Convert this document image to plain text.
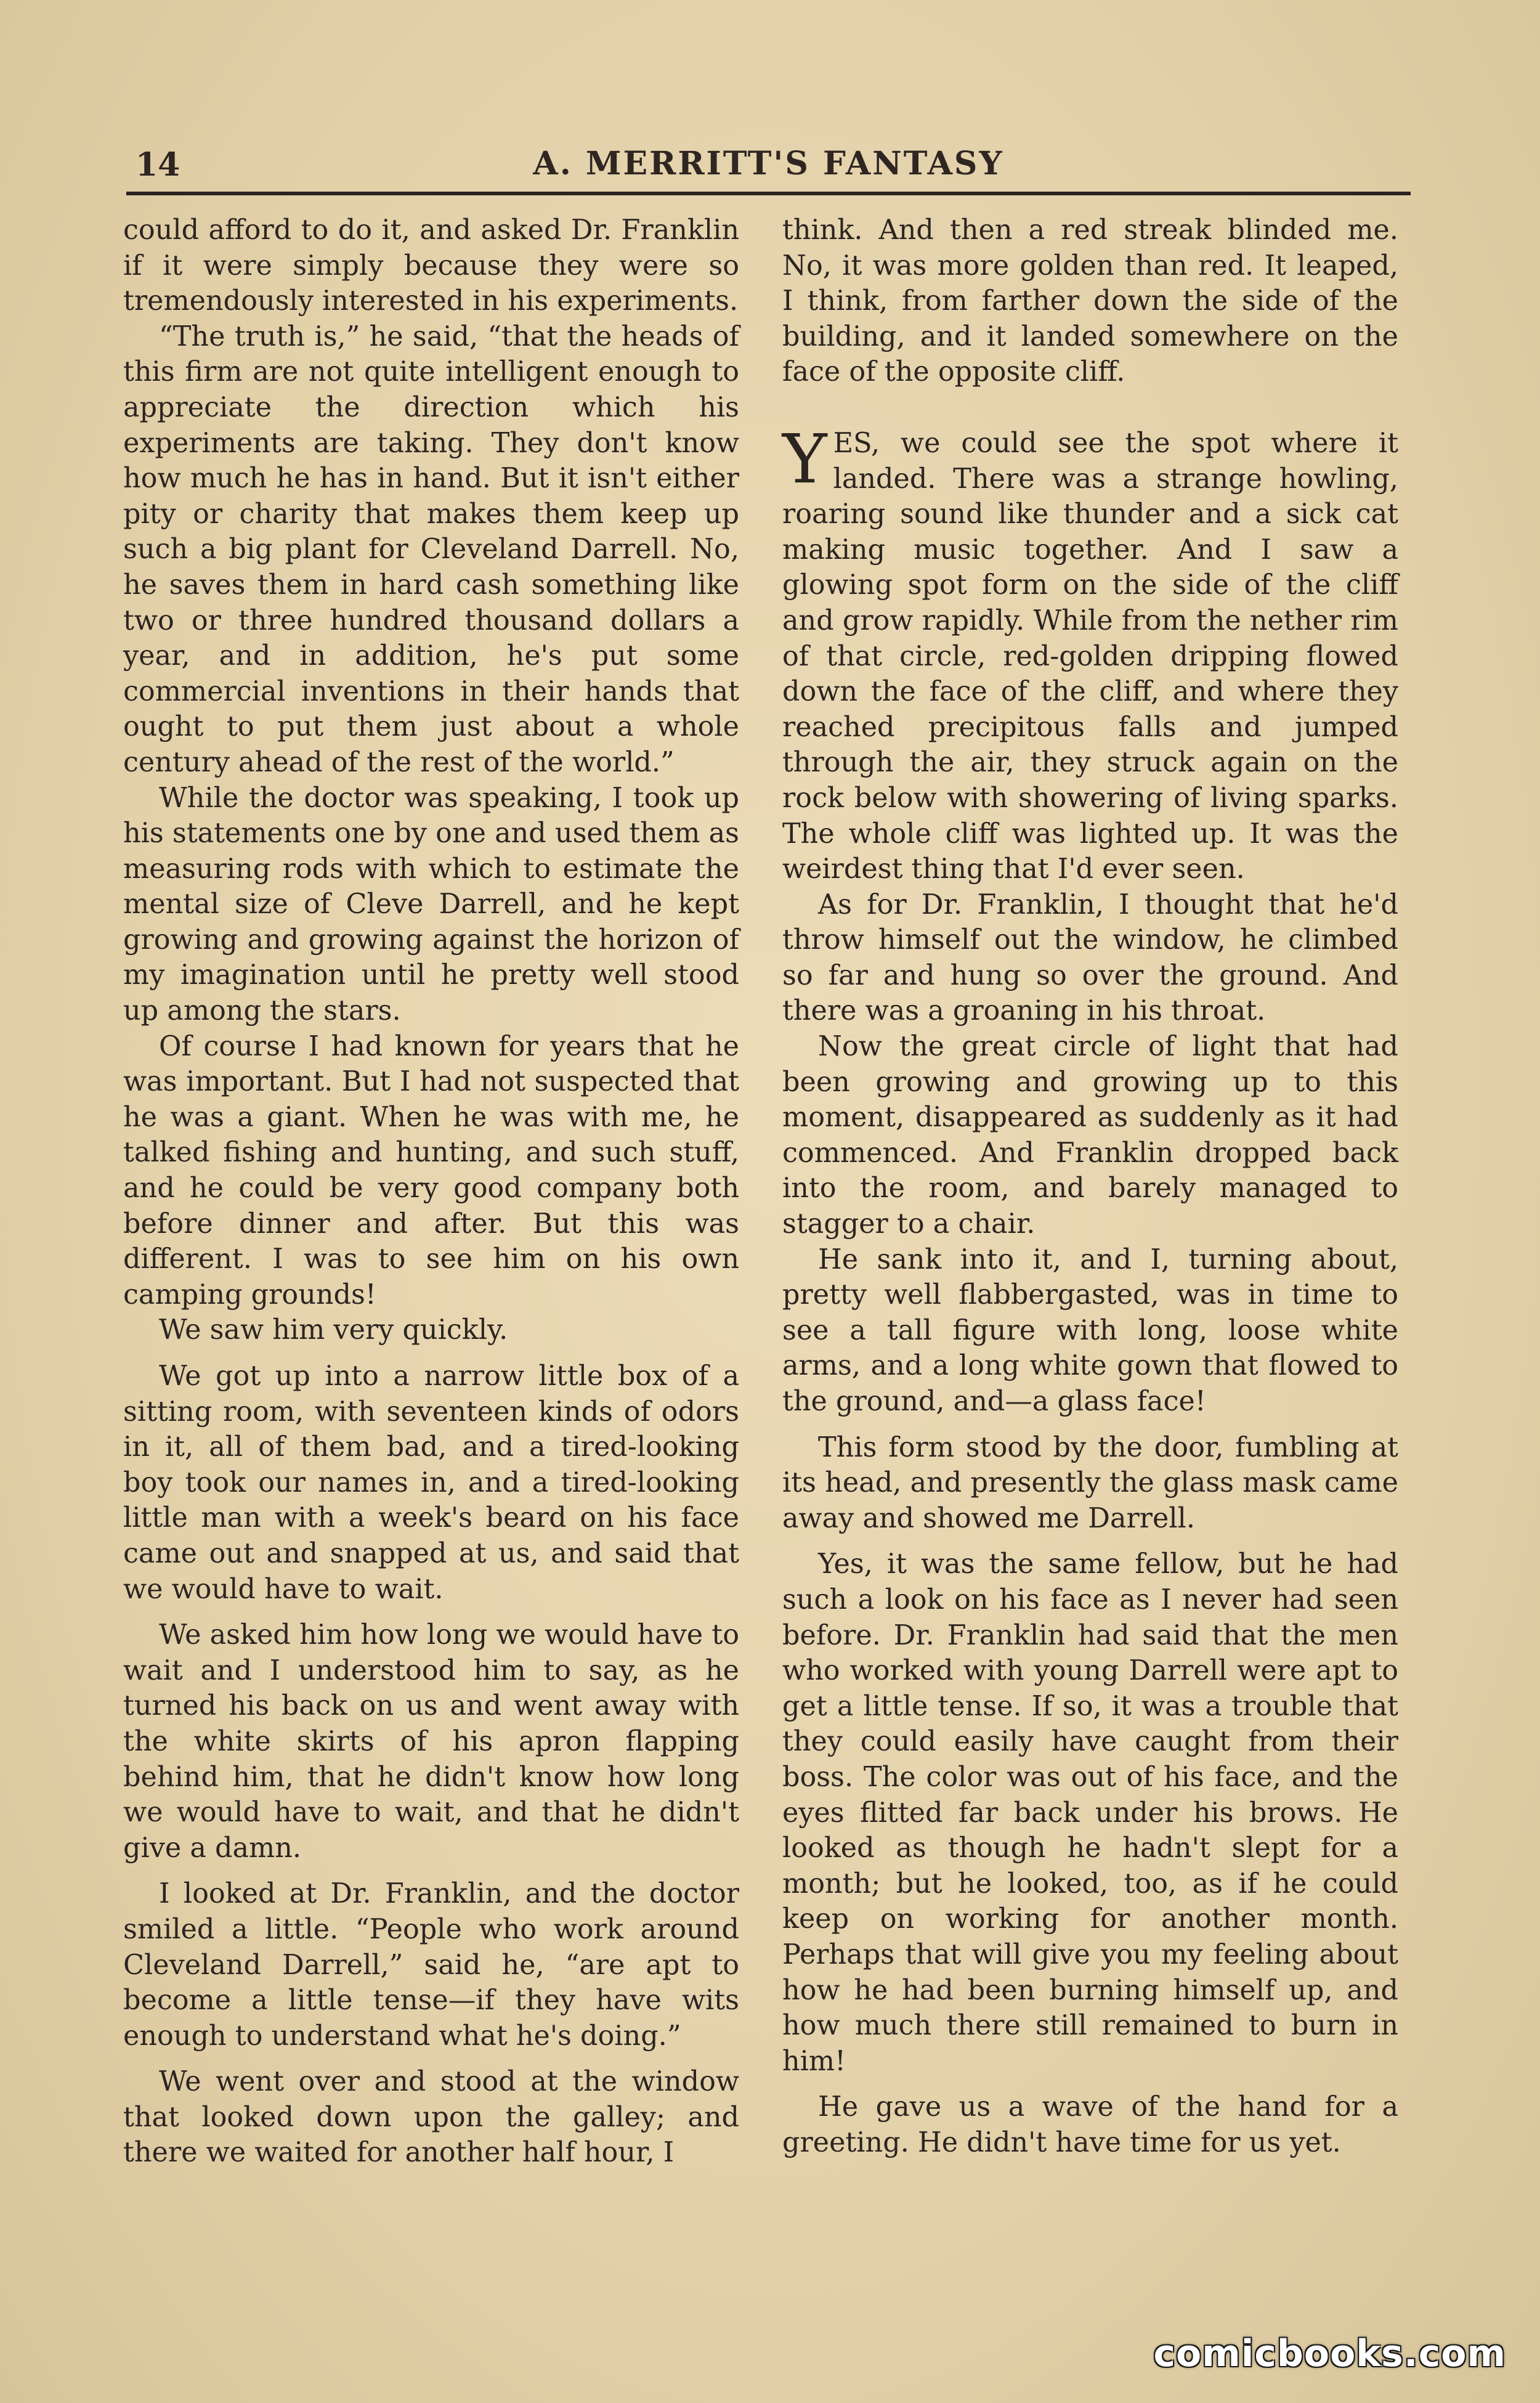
14	A. MERRITT'S FANTASY

could afford to do it, and asked Dr. Franklin if it were simply because they were so tremendously interested in his experiments.

“The truth is,” he said, “that the heads of this firm are not quite intelligent enough to appreciate the direction which his experiments are taking. They don't know how much he has in hand. But it isn't either pity or charity that makes them keep up such a big plant for Cleveland Darrell. No, he saves them in hard cash something like two or three hundred thousand dollars a year, and in addition, he's put some commercial inventions in their hands that ought to put them just about a whole century ahead of the rest of the world.”

While the doctor was speaking, I took up his statements one by one and used them as measuring rods with which to estimate the mental size of Cleve Darrell, and he kept growing and growing against the horizon of my imagination until he pretty well stood up among the stars.

Of course I had known for years that he was important. But I had not suspected that he was a giant. When he was with me, he talked fishing and hunting, and such stuff, and he could be very good company both before dinner and after. But this was different. I was to see him on his own camping grounds!

We saw him very quickly.

We got up into a narrow little box of a sitting room, with seventeen kinds of odors in it, all of them bad, and a tired-looking boy took our names in, and a tired-looking little man with a week's beard on his face came out and snapped at us, and said that we would have to wait.

We asked him how long we would have to wait and I understood him to say, as he turned his back on us and went away with the white skirts of his apron flapping behind him, that he didn't know how long we would have to wait, and that he didn't give a damn.

I looked at Dr. Franklin, and the doctor smiled a little. “People who work around Cleveland Darrell,” said he, “are apt to become a little tense—if they have wits enough to understand what he's doing.”

We went over and stood at the window that looked down upon the galley; and there we waited for another half hour, I

think. And then a red streak blinded me. No, it was more golden than red. It leaped, I think, from farther down the side of the building, and it landed somewhere on the face of the opposite cliff.

YES, we could see the spot where it landed. There was a strange howling, roaring sound like thunder and a sick cat making music together. And I saw a glowing spot form on the side of the cliff and grow rapidly. While from the nether rim of that circle, red-golden dripping flowed down the face of the cliff, and where they reached precipitous falls and jumped through the air, they struck again on the rock below with showering of living sparks. The whole cliff was lighted up. It was the weirdest thing that I'd ever seen.

As for Dr. Franklin, I thought that he'd throw himself out the window, he climbed so far and hung so over the ground. And there was a groaning in his throat.

Now the great circle of light that had been growing and growing up to this moment, disappeared as suddenly as it had commenced. And Franklin dropped back into the room, and barely managed to stagger to a chair.

He sank into it, and I, turning about, pretty well flabbergasted, was in time to see a tall figure with long, loose white arms, and a long white gown that flowed to the ground, and—a glass face!

This form stood by the door, fumbling at its head, and presently the glass mask came away and showed me Darrell.

Yes, it was the same fellow, but he had such a look on his face as I never had seen before. Dr. Franklin had said that the men who worked with young Darrell were apt to get a little tense. If so, it was a trouble that they could easily have caught from their boss. The color was out of his face, and the eyes flitted far back under his brows. He looked as though he hadn't slept for a month; but he looked, too, as if he could keep on working for another month. Perhaps that will give you my feeling about how he had been burning himself up, and how much there still remained to burn in him!

He gave us a wave of the hand for a greeting. He didn't have time for us yet.

comicbooks.com
